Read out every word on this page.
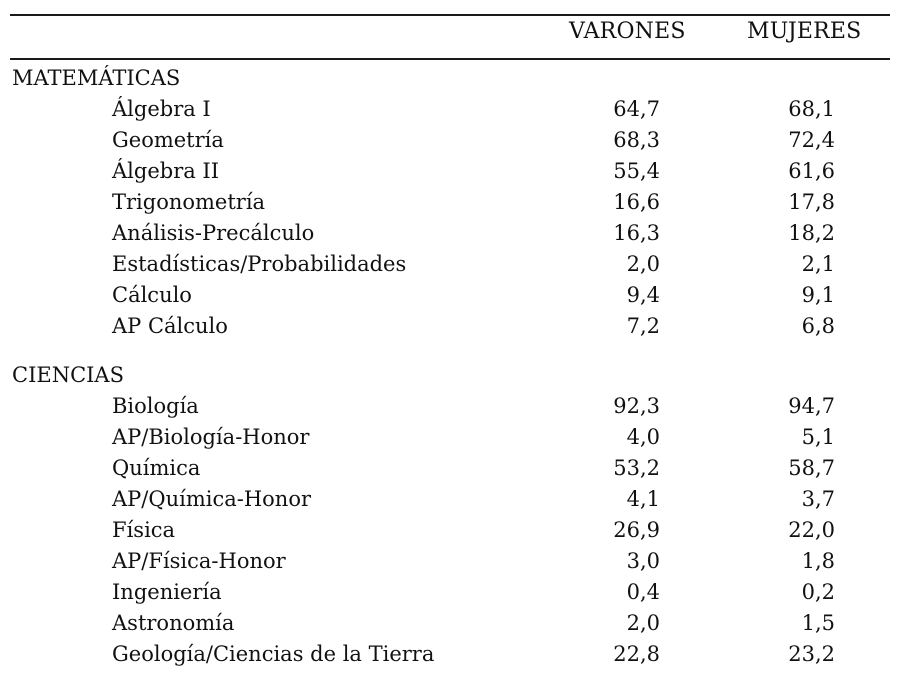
VARONES	MUJERES
MATEMÁTICAS
Álgebra I	64,7	68,1
Geometría	68,3	72,4
Álgebra II	55,4	61,6
Trigonometría	16,6	17,8
Análisis-Precálculo	16,3	18,2
Estadísticas/Probabilidades	2,0	2,1
Cálculo	9,4	9,1
AP Cálculo	7,2	6,8
CIENCIAS
Biología	92,3	94,7
AP/Biología-Honor	4,0	5,1
Química	53,2	58,7
AP/Química-Honor	4,1	3,7
Física	26,9	22,0
AP/Física-Honor	3,0	1,8
Ingeniería	0,4	0,2
Astronomía	2,0	1,5
Geología/Ciencias de la Tierra	22,8	23,2
